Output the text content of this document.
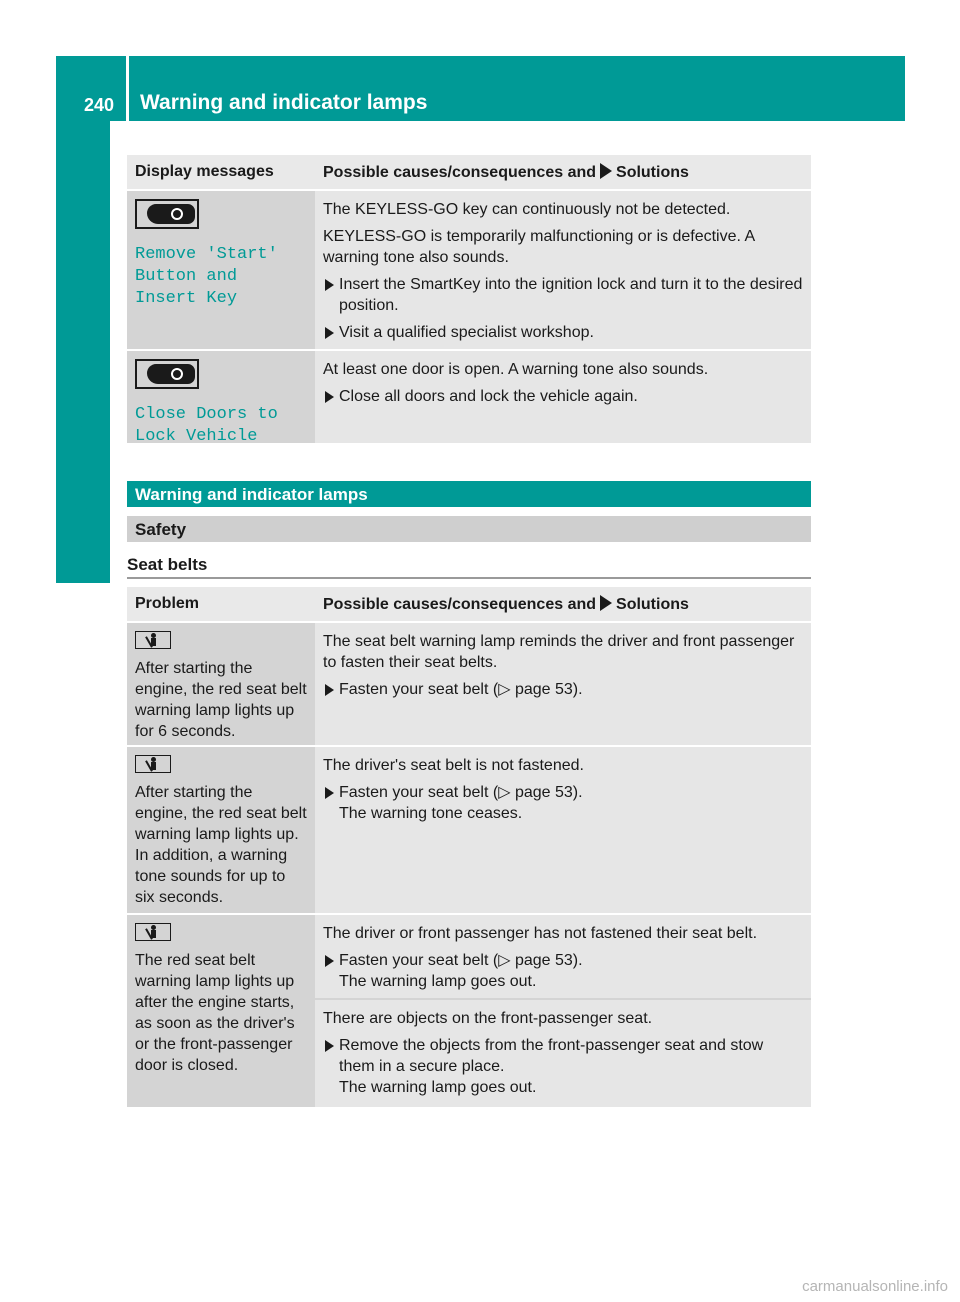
240 Warning and indicator lamps
On-board computer and displays
Display messages	Possible causes/consequences and Solutions
Remove 'Start' Button and Insert Key

The KEYLESS-GO key can continuously not be detected.

KEYLESS-GO is temporarily malfunctioning or is defective. A warning tone also sounds.

Insert the SmartKey into the ignition lock and turn it to the desired position.

Visit a qualified specialist workshop.

Close Doors to Lock Vehicle

At least one door is open. A warning tone also sounds.

Close all doors and lock the vehicle again.

Warning and indicator lamps
Safety
Seat belts
Problem	Possible causes/consequences and Solutions

After starting the engine, the red seat belt warning lamp lights up for 6 seconds.

The seat belt warning lamp reminds the driver and front passenger to fasten their seat belts.

Fasten your seat belt (▷ page 53).

After starting the engine, the red seat belt warning lamp lights up. In addition, a warning tone sounds for up to six seconds.

The driver's seat belt is not fastened.

Fasten your seat belt (▷ page 53).

The warning tone ceases.

The red seat belt warning lamp lights up after the engine starts, as soon as the driver's or the front-passenger door is closed.

The driver or front passenger has not fastened their seat belt.

Fasten your seat belt (▷ page 53).

The warning lamp goes out.

There are objects on the front-passenger seat.

Remove the objects from the front-passenger seat and stow them in a secure place.

The warning lamp goes out.

carmanualsonline.info
